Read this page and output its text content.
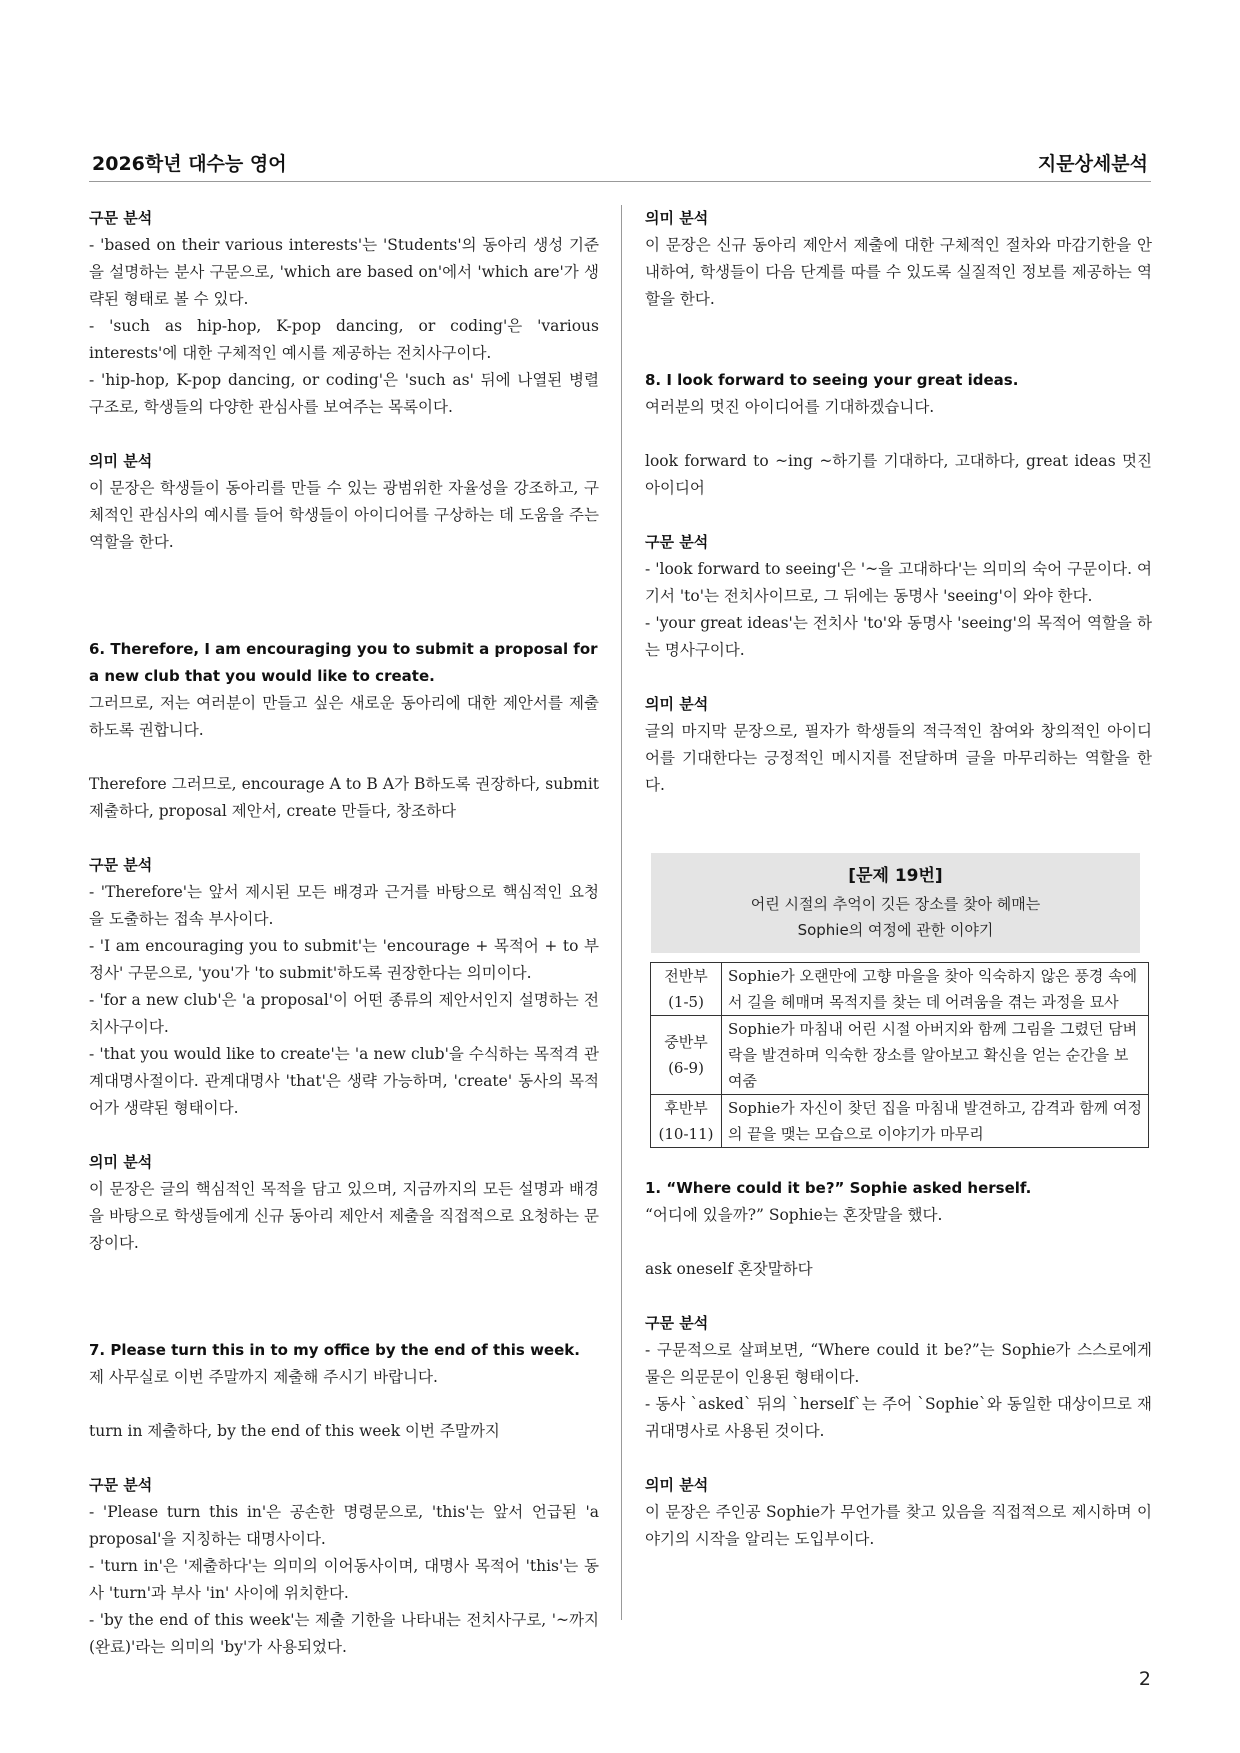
2026학년 대수능 영어	지문상세분석
구문 분석

- 'based on their various interests'는 'Students'의 동아리 생성 기준을 설명하는 분사 구문으로, 'which are based on'에서 'which are'가 생략된 형태로 볼 수 있다.

- 'such as hip-hop, K-pop dancing, or coding'은 'various interests'에 대한 구체적인 예시를 제공하는 전치사구이다.

- 'hip-hop, K-pop dancing, or coding'은 'such as' 뒤에 나열된 병렬 구조로, 학생들의 다양한 관심사를 보여주는 목록이다.

의미 분석

이 문장은 학생들이 동아리를 만들 수 있는 광범위한 자율성을 강조하고, 구체적인 관심사의 예시를 들어 학생들이 아이디어를 구상하는 데 도움을 주는 역할을 한다.

6. Therefore, I am encouraging you to submit a proposal for a new club that you would like to create.

그러므로, 저는 여러분이 만들고 싶은 새로운 동아리에 대한 제안서를 제출하도록 권합니다.

Therefore 그러므로, encourage A to B A가 B하도록 권장하다, submit 제출하다, proposal 제안서, create 만들다, 창조하다

구문 분석

- 'Therefore'는 앞서 제시된 모든 배경과 근거를 바탕으로 핵심적인 요청을 도출하는 접속 부사이다.

- 'I am encouraging you to submit'는 'encourage + 목적어 + to 부정사' 구문으로, 'you'가 'to submit'하도록 권장한다는 의미이다.

- 'for a new club'은 'a proposal'이 어떤 종류의 제안서인지 설명하는 전치사구이다.

- 'that you would like to create'는 'a new club'을 수식하는 목적격 관계대명사절이다. 관계대명사 'that'은 생략 가능하며, 'create' 동사의 목적어가 생략된 형태이다.

의미 분석

이 문장은 글의 핵심적인 목적을 담고 있으며, 지금까지의 모든 설명과 배경을 바탕으로 학생들에게 신규 동아리 제안서 제출을 직접적으로 요청하는 문장이다.

7. Please turn this in to my office by the end of this week.

제 사무실로 이번 주말까지 제출해 주시기 바랍니다.

turn in 제출하다, by the end of this week 이번 주말까지

구문 분석

- 'Please turn this in'은 공손한 명령문으로, 'this'는 앞서 언급된 'a proposal'을 지칭하는 대명사이다.

- 'turn in'은 '제출하다'는 의미의 이어동사이며, 대명사 목적어 'this'는 동사 'turn'과 부사 'in' 사이에 위치한다.

- 'by the end of this week'는 제출 기한을 나타내는 전치사구로, '~까지 (완료)'라는 의미의 'by'가 사용되었다.

의미 분석

이 문장은 신규 동아리 제안서 제출에 대한 구체적인 절차와 마감기한을 안내하여, 학생들이 다음 단계를 따를 수 있도록 실질적인 정보를 제공하는 역할을 한다.

8. I look forward to seeing your great ideas.

여러분의 멋진 아이디어를 기대하겠습니다.

look forward to ~ing ~하기를 기대하다, 고대하다, great ideas 멋진 아이디어

구문 분석

- 'look forward to seeing'은 '~을 고대하다'는 의미의 숙어 구문이다. 여기서 'to'는 전치사이므로, 그 뒤에는 동명사 'seeing'이 와야 한다.

- 'your great ideas'는 전치사 'to'와 동명사 'seeing'의 목적어 역할을 하는 명사구이다.

의미 분석

글의 마지막 문장으로, 필자가 학생들의 적극적인 참여와 창의적인 아이디어를 기대한다는 긍정적인 메시지를 전달하며 글을 마무리하는 역할을 한다.

[문제 19번]
어린 시절의 추억이 깃든 장소를 찾아 헤매는
Sophie의 여정에 관한 이야기
전반부
(1-5)	Sophie가 오랜만에 고향 마을을 찾아 익숙하지 않은 풍경 속에서 길을 헤매며 목적지를 찾는 데 어려움을 겪는 과정을 묘사

중반부
(6-9)	Sophie가 마침내 어린 시절 아버지와 함께 그림을 그렸던 담벼락을 발견하며 익숙한 장소를 알아보고 확신을 얻는 순간을 보여줌

후반부
(10-11)	Sophie가 자신이 찾던 집을 마침내 발견하고, 감격과 함께 여정의 끝을 맺는 모습으로 이야기가 마무리
1. “Where could it be?” Sophie asked herself.

“어디에 있을까?” Sophie는 혼잣말을 했다.

ask oneself 혼잣말하다

구문 분석

- 구문적으로 살펴보면, “Where could it be?”는 Sophie가 스스로에게 물은 의문문이 인용된 형태이다.

- 동사 `asked` 뒤의 `herself`는 주어 `Sophie`와 동일한 대상이므로 재귀대명사로 사용된 것이다.

의미 분석

이 문장은 주인공 Sophie가 무언가를 찾고 있음을 직접적으로 제시하며 이야기의 시작을 알리는 도입부이다.

2
